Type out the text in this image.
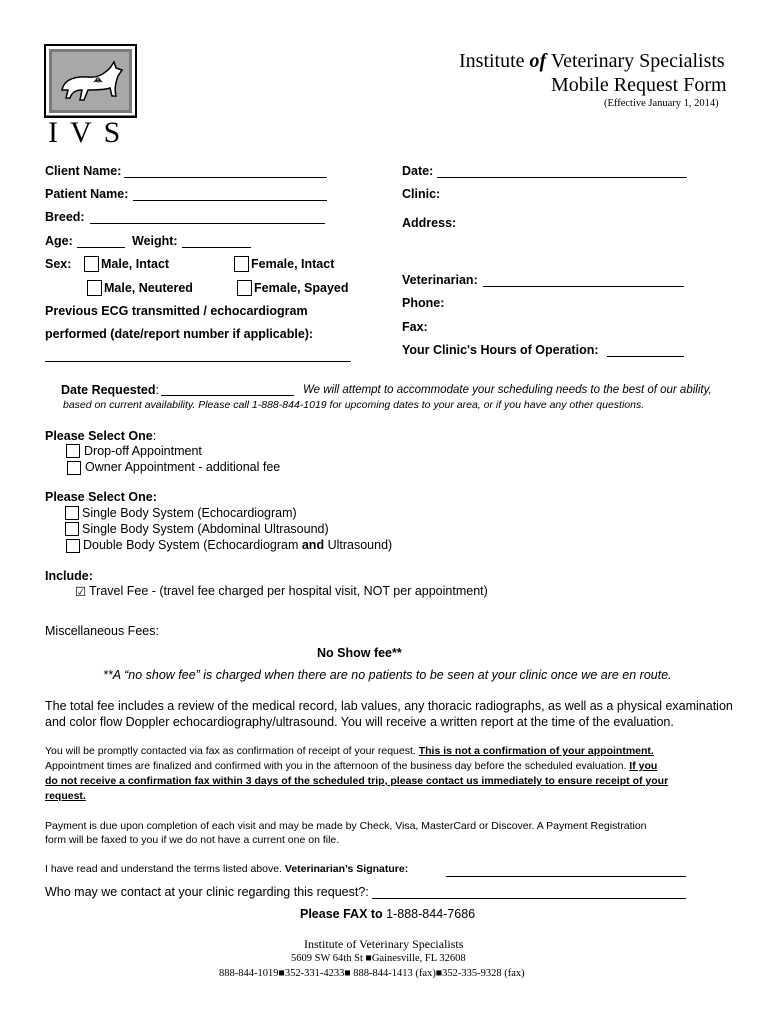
IVS
Institute of Veterinary Specialists
Mobile Request Form
(Effective January 1, 2014)
Client Name:
Patient Name:
Breed:
Age:	Weight:
Sex: Male, Intact	Female, Intact
Male, Neutered	Female, Spayed
Previous ECG transmitted / echocardiogram
performed (date/report number if applicable):
Date:
Clinic:
Address:
Veterinarian:
Phone:
Fax:
Your Clinic's Hours of Operation:
Date Requested:	We will attempt to accommodate your scheduling needs to the best of our ability,
based on current availability. Please call 1-888-844-1019 for upcoming dates to your area, or if you have any other questions.
Please Select One:
Drop-off Appointment
Owner Appointment - additional fee
Please Select One:
Single Body System (Echocardiogram)
Single Body System (Abdominal Ultrasound)
Double Body System (Echocardiogram and Ultrasound)
Include:
☑ Travel Fee - (travel fee charged per hospital visit, NOT per appointment)
Miscellaneous Fees:
No Show fee**
**A “no show fee” is charged when there are no patients to be seen at your clinic once we are en route.
The total fee includes a review of the medical record, lab values, any thoracic radiographs, as well as a physical examination
and color flow Doppler echocardiography/ultrasound. You will receive a written report at the time of the evaluation.
You will be promptly contacted via fax as confirmation of receipt of your request. This is not a confirmation of your appointment.
Appointment times are finalized and confirmed with you in the afternoon of the business day before the scheduled evaluation. If you
do not receive a confirmation fax within 3 days of the scheduled trip, please contact us immediately to ensure receipt of your
request.
Payment is due upon completion of each visit and may be made by Check, Visa, MasterCard or Discover. A Payment Registration
form will be faxed to you if we do not have a current one on file.
I have read and understand the terms listed above. Veterinarian’s Signature:
Who may we contact at your clinic regarding this request?:
Please FAX to 1-888-844-7686
Institute of Veterinary Specialists
5609 SW 64th St ■Gainesville, FL 32608
888-844-1019■352-331-4233■ 888-844-1413 (fax)■352-335-9328 (fax)
